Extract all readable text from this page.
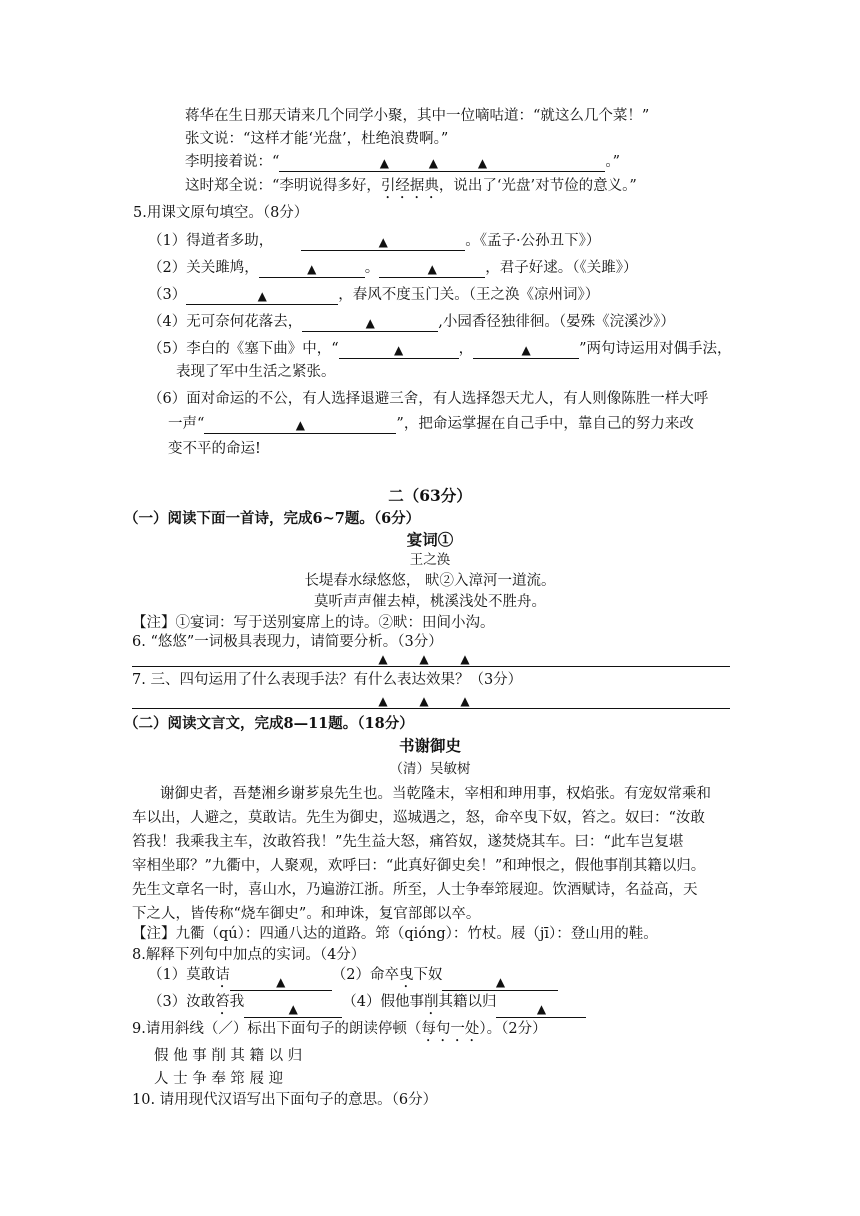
蒋华在生日那天请来几个同学小聚，其中一位嘀咕道：“就这么几个菜！”
张文说：“这样才能‘光盘’，杜绝浪费啊。”
李明接着说：“	▲ ▲ ▲	。”
这时郑全说：“李明说得多好，引经据典，说出了‘光盘’对节俭的意义。”
5.用课文原句填空。（8分）
（1）得道者多助，	▲	。《孟子·公孙丑下》）
（2）关关雎鸠，	▲	。	▲	，君子好逑。（《关雎》）
（3）	▲	，春风不度玉门关。（王之涣《凉州词》）
（4）无可奈何花落去，	▲	,小园香径独徘徊。（晏殊《浣溪沙》）
（5）李白的《塞下曲》中，“	▲	，	▲	”两句诗运用对偶手法，
表现了军中生活之紧张。
（6）面对命运的不公，有人选择退避三舍，有人选择怨天尤人，有人则像陈胜一样大呼
一声“	▲	”，把命运掌握在自己手中，靠自己的努力来改
变不平的命运!
二（63分）
（一）阅读下面一首诗，完成6~7题。（6分）
宴词①
王之涣
长堤春水绿悠悠， 畎②入漳河一道流。
莫听声声催去棹，桃溪浅处不胜舟。
【注】①宴词：写于送别宴席上的诗。②畎：田间小沟。
6. “悠悠”一词极具表现力，请简要分析。（3分）
▲ ▲ ▲
7. 三、四句运用了什么表现手法？有什么表达效果？（3分）
▲ ▲ ▲
（二）阅读文言文，完成8—11题。（18分）
书谢御史
（清）吴敏树
谢御史者，吾楚湘乡谢芗泉先生也。当乾隆末，宰相和珅用事，权焰张。有宠奴常乘和
车以出，人避之，莫敢诘。先生为御史，巡城遇之，怒，命卒曳下奴，笞之。奴曰：“汝敢
笞我！我乘我主车，汝敢笞我！”先生益大怒，痛笞奴，遂焚烧其车。曰：“此车岂复堪
宰相坐耶？”九衢中，人聚观，欢呼曰：“此真好御史矣！”和珅恨之，假他事削其籍以归。
先生文章名一时，喜山水，乃遍游江浙。所至，人士争奉筇屐迎。饮酒赋诗，名益高，天
下之人，皆传称“烧车御史”。和珅诛，复官部郎以卒。
【注】九衢（qú）：四通八达的道路。筇（qióng）：竹杖。屐（jī）：登山用的鞋。
8.解释下列句中加点的实词。（4分）
（1）莫敢诘	▲	（2）命卒曳下奴	▲
（3）汝敢笞我	▲	（4）假他事削其籍以归	▲
9.请用斜线（／）标出下面句子的朗读停顿（每句一处）。（2分）
假 他 事 削 其 籍 以 归
人 士 争 奉 筇 屐 迎
10. 请用现代汉语写出下面句子的意思。（6分）
